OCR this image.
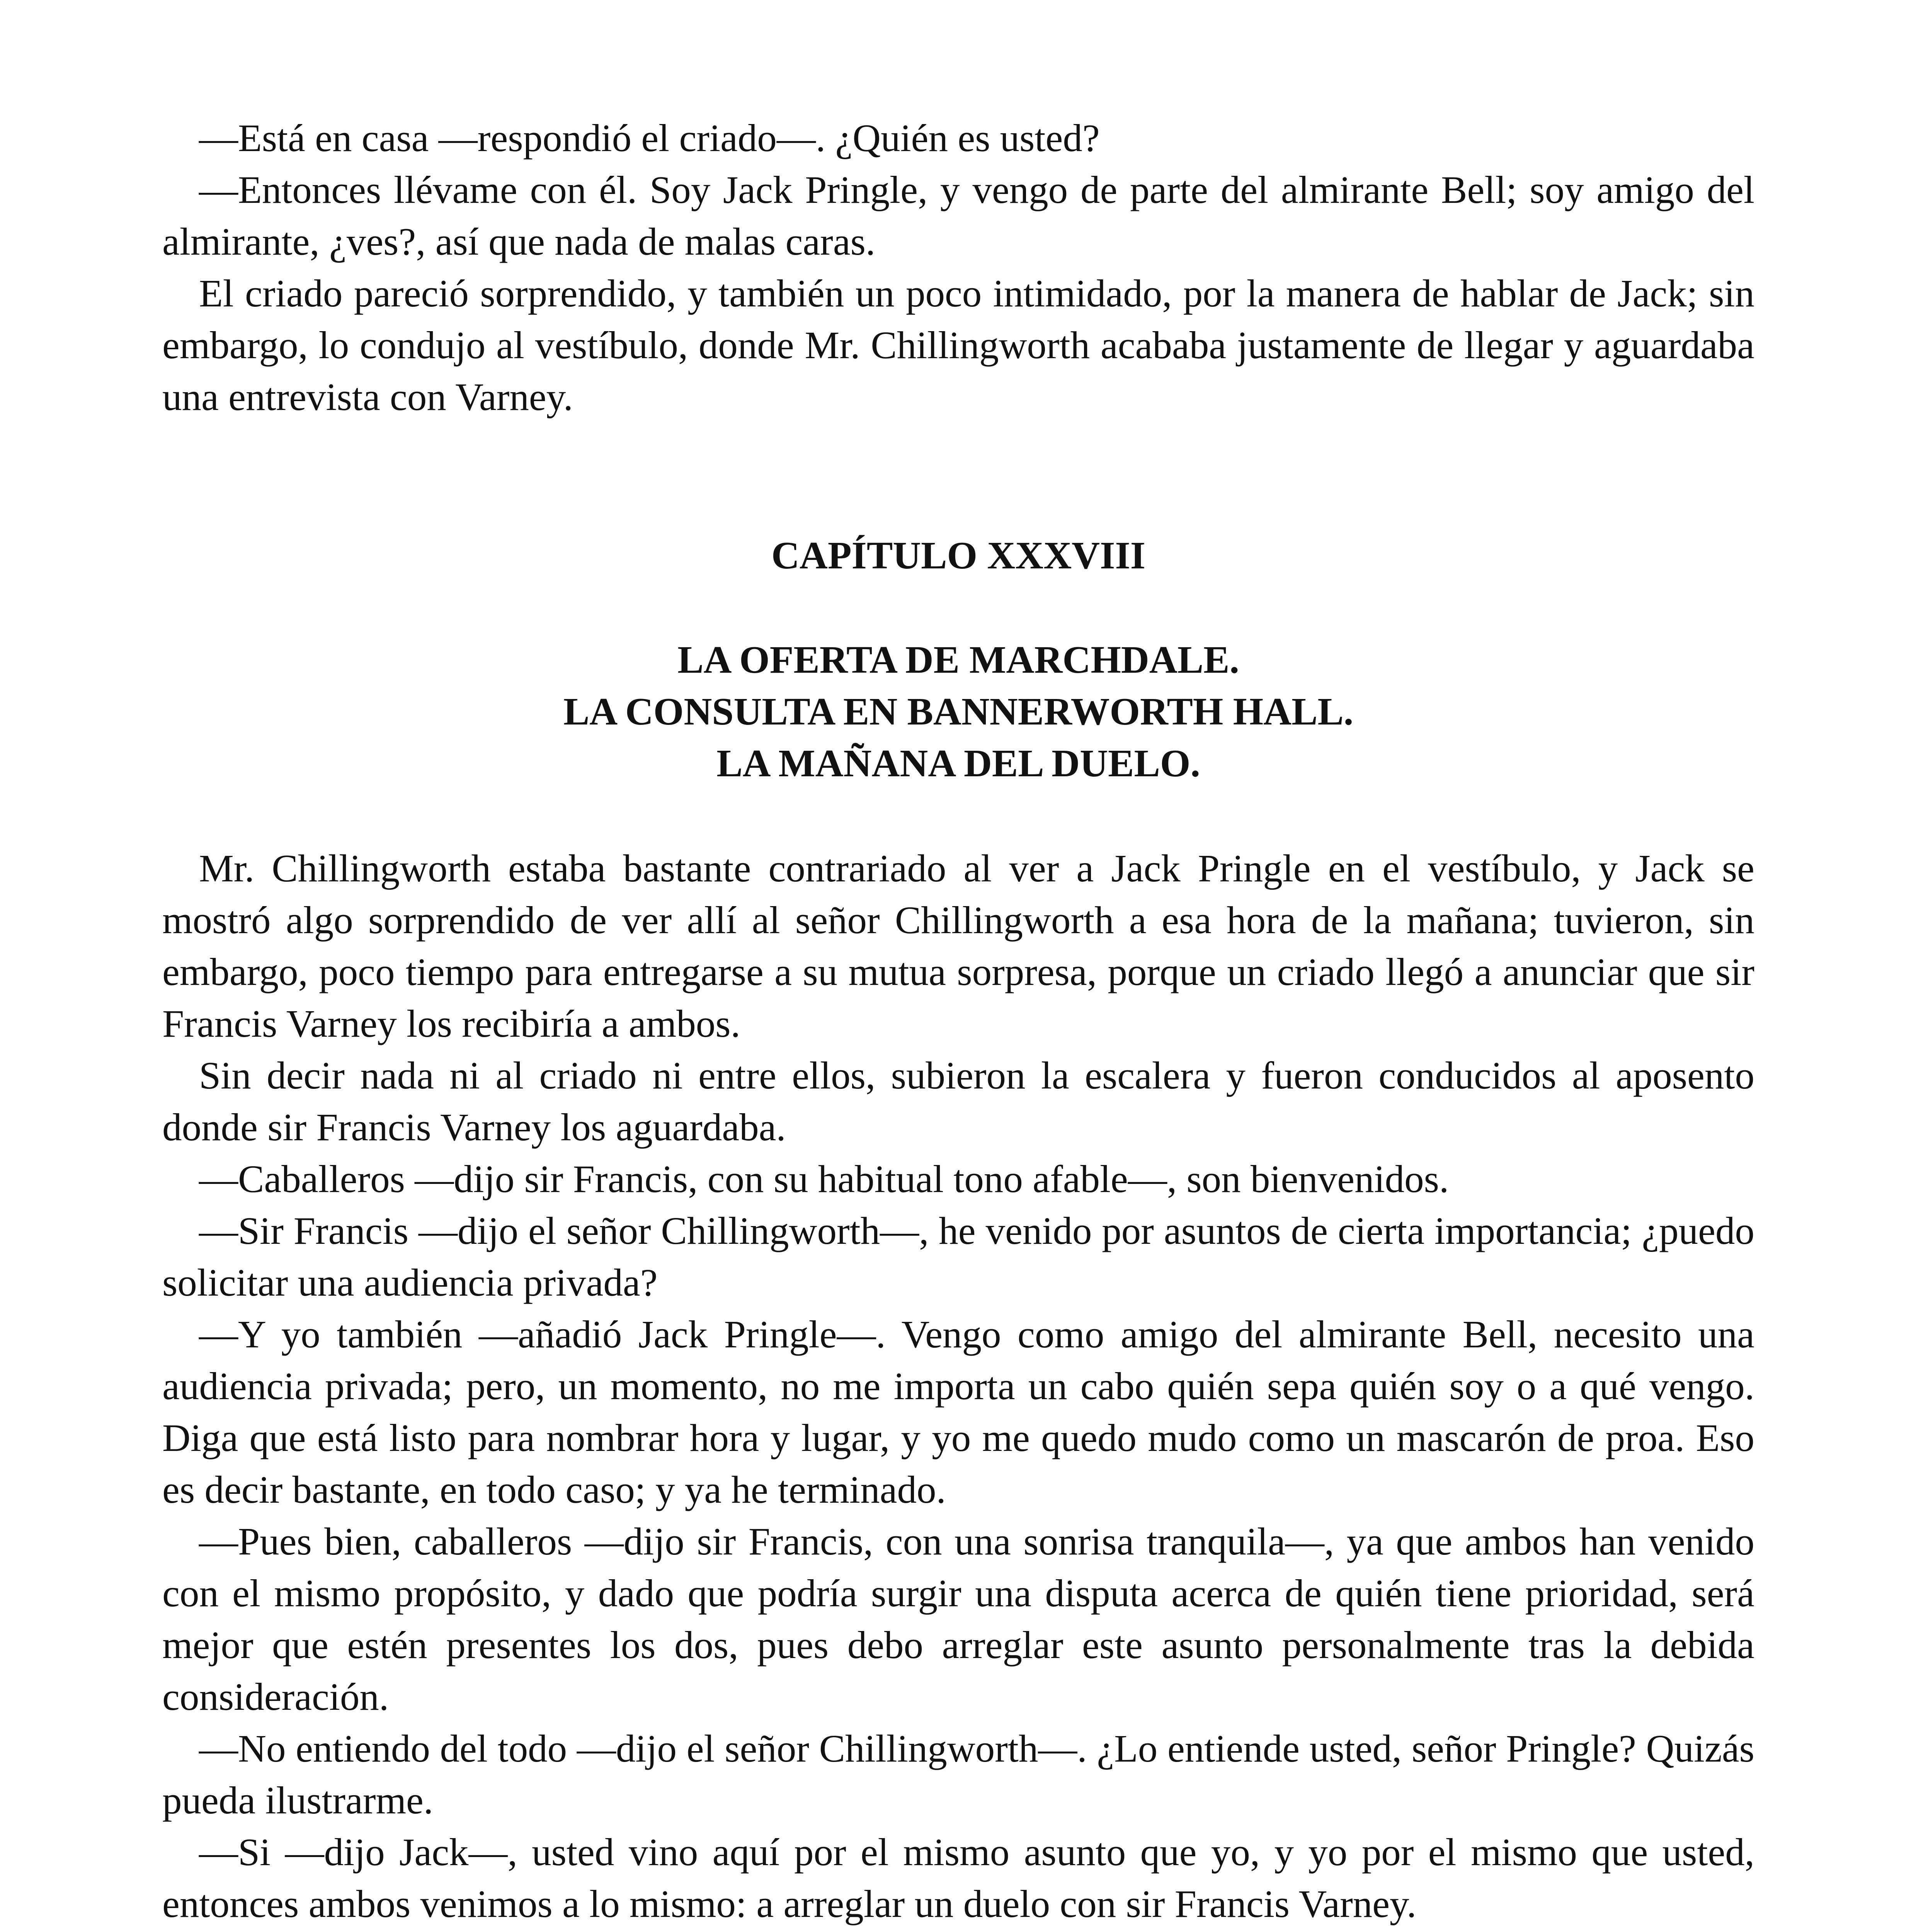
—Está en casa —respondió el criado—. ¿Quién es usted?

—Entonces llévame con él. Soy Jack Pringle, y vengo de parte del almirante Bell; soy amigo del almirante, ¿ves?, así que nada de malas caras.

El criado pareció sorprendido, y también un poco intimidado, por la manera de hablar de Jack; sin embargo, lo condujo al vestíbulo, donde Mr. Chillingworth acababa justamente de llegar y aguardaba una entrevista con Varney.

CAPÍTULO XXXVIII
LA OFERTA DE MARCHDALE.
LA CONSULTA EN BANNERWORTH HALL.
LA MAÑANA DEL DUELO.

Mr. Chillingworth estaba bastante contrariado al ver a Jack Pringle en el vestíbulo, y Jack se mostró algo sorprendido de ver allí al señor Chillingworth a esa hora de la mañana; tuvieron, sin embargo, poco tiempo para entregarse a su mutua sorpresa, porque un criado llegó a anunciar que sir Francis Varney los recibiría a ambos.

Sin decir nada ni al criado ni entre ellos, subieron la escalera y fueron conducidos al aposento donde sir Francis Varney los aguardaba.

—Caballeros —dijo sir Francis, con su habitual tono afable—, son bienvenidos.

—Sir Francis —dijo el señor Chillingworth—, he venido por asuntos de cierta importancia; ¿puedo solicitar una audiencia privada?

—Y yo también —añadió Jack Pringle—. Vengo como amigo del almirante Bell, necesito una audiencia privada; pero, un momento, no me importa un cabo quién sepa quién soy o a qué vengo. Diga que está listo para nombrar hora y lugar, y yo me quedo mudo como un mascarón de proa. Eso es decir bastante, en todo caso; y ya he terminado.

—Pues bien, caballeros —dijo sir Francis, con una sonrisa tranquila—, ya que ambos han venido con el mismo propósito, y dado que podría surgir una disputa acerca de quién tiene prioridad, será mejor que estén presentes los dos, pues debo arreglar este asunto personalmente tras la debida consideración.

—No entiendo del todo —dijo el señor Chillingworth—. ¿Lo entiende usted, señor Pringle? Quizás pueda ilustrarme.

—Si —dijo Jack—, usted vino aquí por el mismo asunto que yo, y yo por el mismo que usted, entonces ambos venimos a lo mismo: a arreglar un duelo con sir Francis Varney.
